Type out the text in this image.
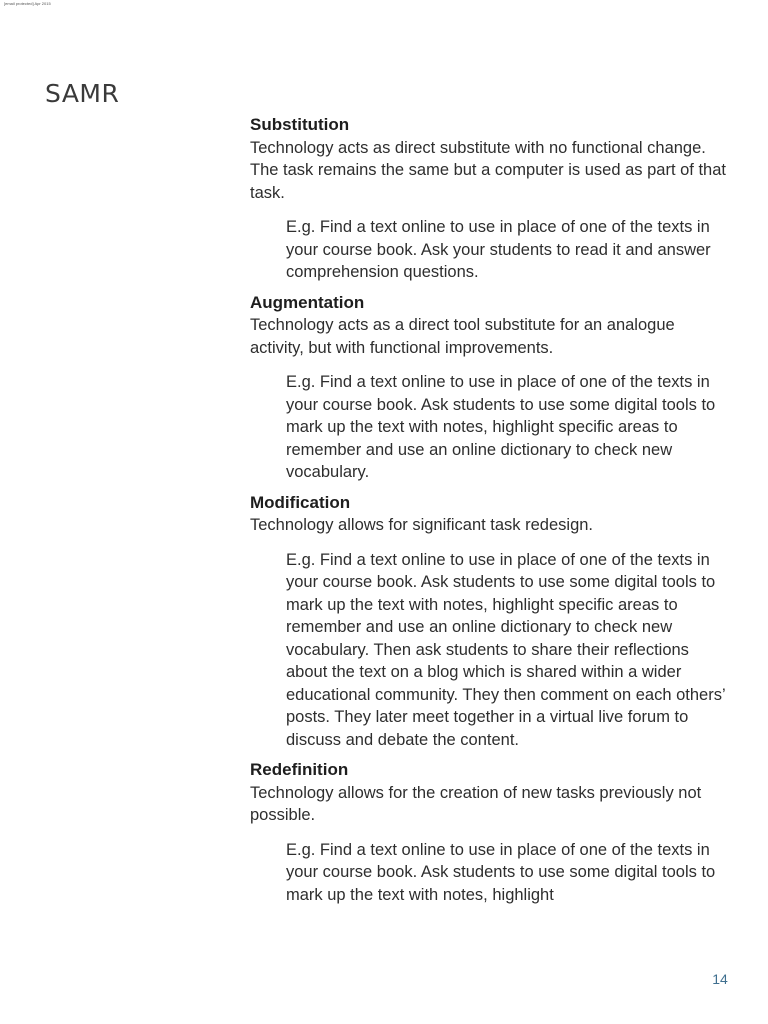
[email protected] Apr 2015
SAMR

Substitution

Technology acts as direct substitute with no functional change. The task remains the same but a computer is used as part of that task.

E.g. Find a text online to use in place of one of the texts in your course book. Ask your students to read it and answer comprehension questions.

Augmentation

Technology acts as a direct tool substitute for an analogue activity, but with functional improvements.

E.g. Find a text online to use in place of one of the texts in your course book. Ask students to use some digital tools to mark up the text with notes, highlight specific areas to remember and use an online dictionary to check new vocabulary.

Modification

Technology allows for significant task redesign.

E.g. Find a text online to use in place of one of the texts in your course book. Ask students to use some digital tools to mark up the text with notes, highlight specific areas to remember and use an online dictionary to check new vocabulary. Then ask students to share their reflections about the text on a blog which is shared within a wider educational community. They then comment on each others’ posts. They later meet together in a virtual live forum to discuss and debate the content.

Redefinition

Technology allows for the creation of new tasks previously not possible.

E.g. Find a text online to use in place of one of the texts in your course book. Ask students to use some digital tools to mark up the text with notes, highlight

14
